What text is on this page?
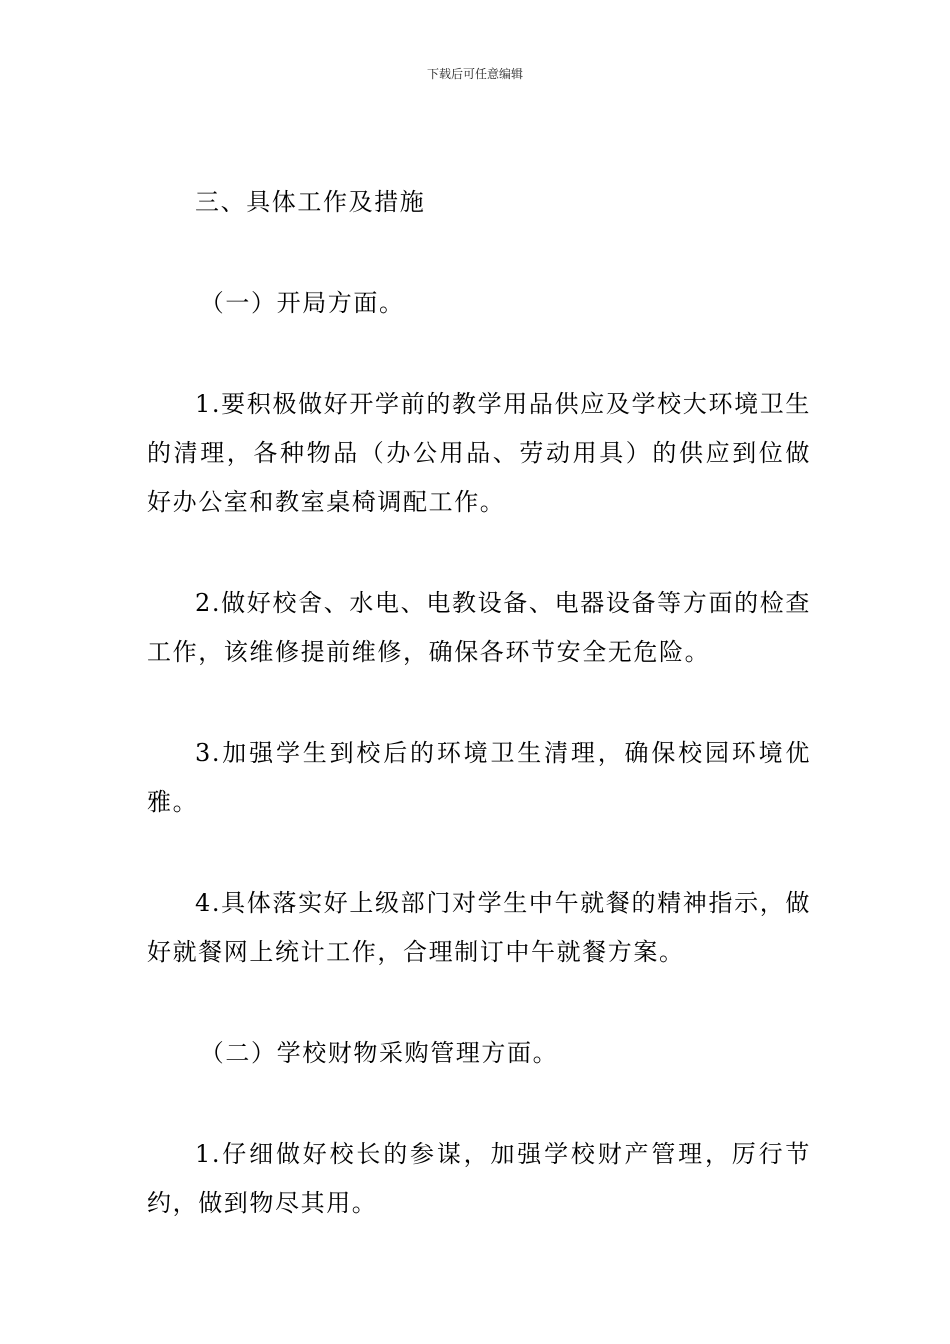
下载后可任意编辑

三、具体工作及措施

（一）开局方面。

1.要积极做好开学前的教学用品供应及学校大环境卫生的清理，各种物品（办公用品、劳动用具）的供应到位做好办公室和教室桌椅调配工作。

2.做好校舍、水电、电教设备、电器设备等方面的检查工作，该维修提前维修，确保各环节安全无危险。

3.加强学生到校后的环境卫生清理，确保校园环境优雅。

4.具体落实好上级部门对学生中午就餐的精神指示，做好就餐网上统计工作，合理制订中午就餐方案。

（二）学校财物采购管理方面。

1.仔细做好校长的参谋，加强学校财产管理，厉行节约，做到物尽其用。
